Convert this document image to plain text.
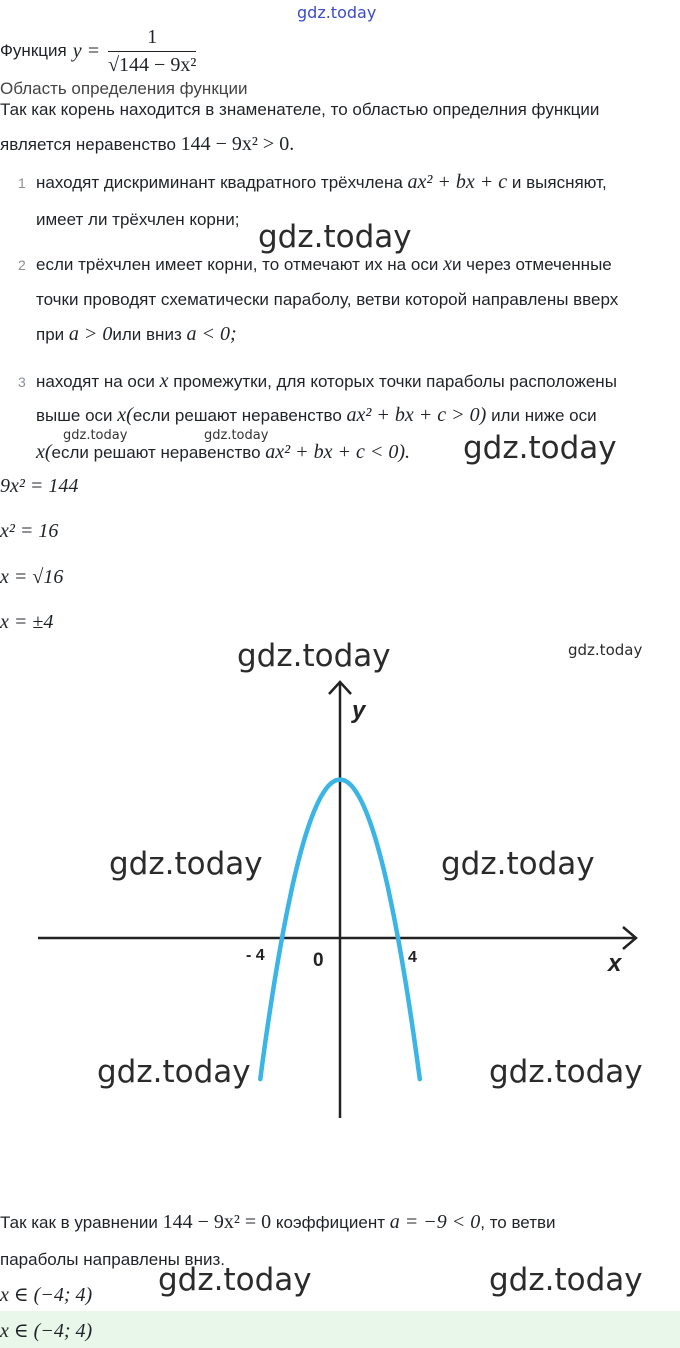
gdz.today
Функция $y = \frac{1}{\text{√144 − 9x²}}$
Область определения функции
Так как корень находится в знаменателе, то областью определния функции
является неравенство 144 − 9x² > 0.
1 находят дискриминант квадратного трёхчлена ax² + bx + c и выясняют,
имеет ли трёхчлен корни;
2 если трёхчлен имеет корни, то отмечают их на оси xи через отмеченные
точки проводят схематически параболу, ветви которой направлены вверх
при a > 0или вниз a < 0;
3 находят на оси x промежутки, для которых точки параболы расположены
выше оси x(если решают неравенство ax² + bx + c > 0) или ниже оси
x(если решают неравенство ax² + bx + c < 0).
9x² = 144
x² = 16
x = √16
x = ±4
y
x
0
- 4	4
Так как в уравнении 144 − 9x² = 0 коэффициент a = −9 < 0, то ветви
параболы направлены вниз.
x ∈ (−4; 4)
x ∈ (−4; 4)
gdz.today
gdz.today
gdz.today	gdz.today
gdz.today	gdz.today
gdz.today	gdz.today
gdz.today	gdz.today
gdz.today	gdz.today
